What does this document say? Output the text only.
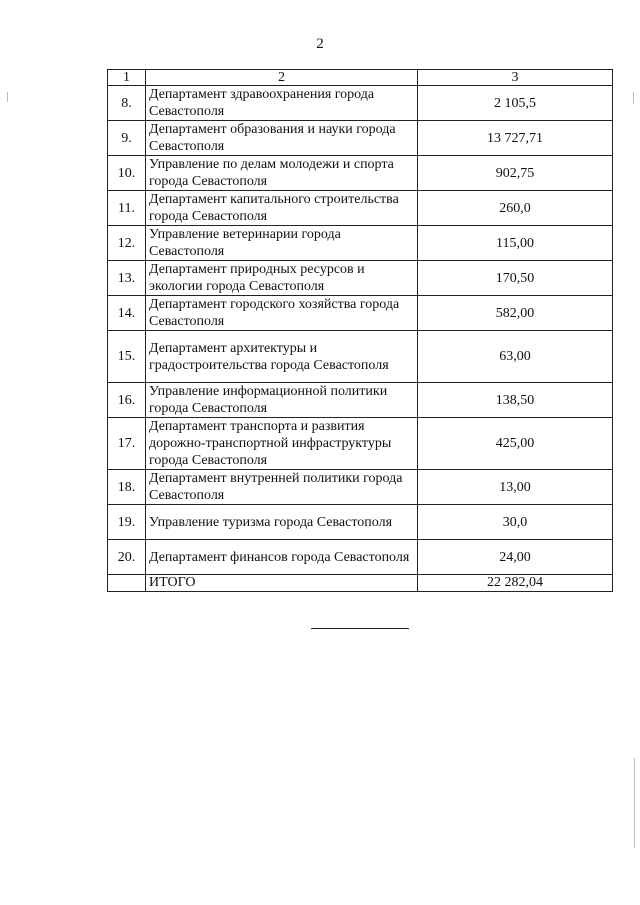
2
1	2	3
8.	Департамент здравоохранения города Севастополя	2 105,5
9.	Департамент образования и науки города Севастополя	13 727,71
10.	Управление по делам молодежи и спорта города Севастополя	902,75
11.	Департамент капитального строительства города Севастополя	260,0
12.	Управление ветеринарии города Севастополя	115,00
13.	Департамент природных ресурсов и экологии города Севастополя	170,50
14.	Департамент городского хозяйства города Севастополя	582,00
15.	Департамент архитектуры и градостроительства города Севастополя	63,00
16.	Управление информационной политики города Севастополя	138,50
17.	Департамент транспорта и развития дорожно-транспортной инфраструктуры города Севастополя	425,00
18.	Департамент внутренней политики города Севастополя	13,00
19.	Управление туризма города Севастополя	30,0
20.	Департамент финансов города Севастополя	24,00
	ИТОГО	22 282,04
